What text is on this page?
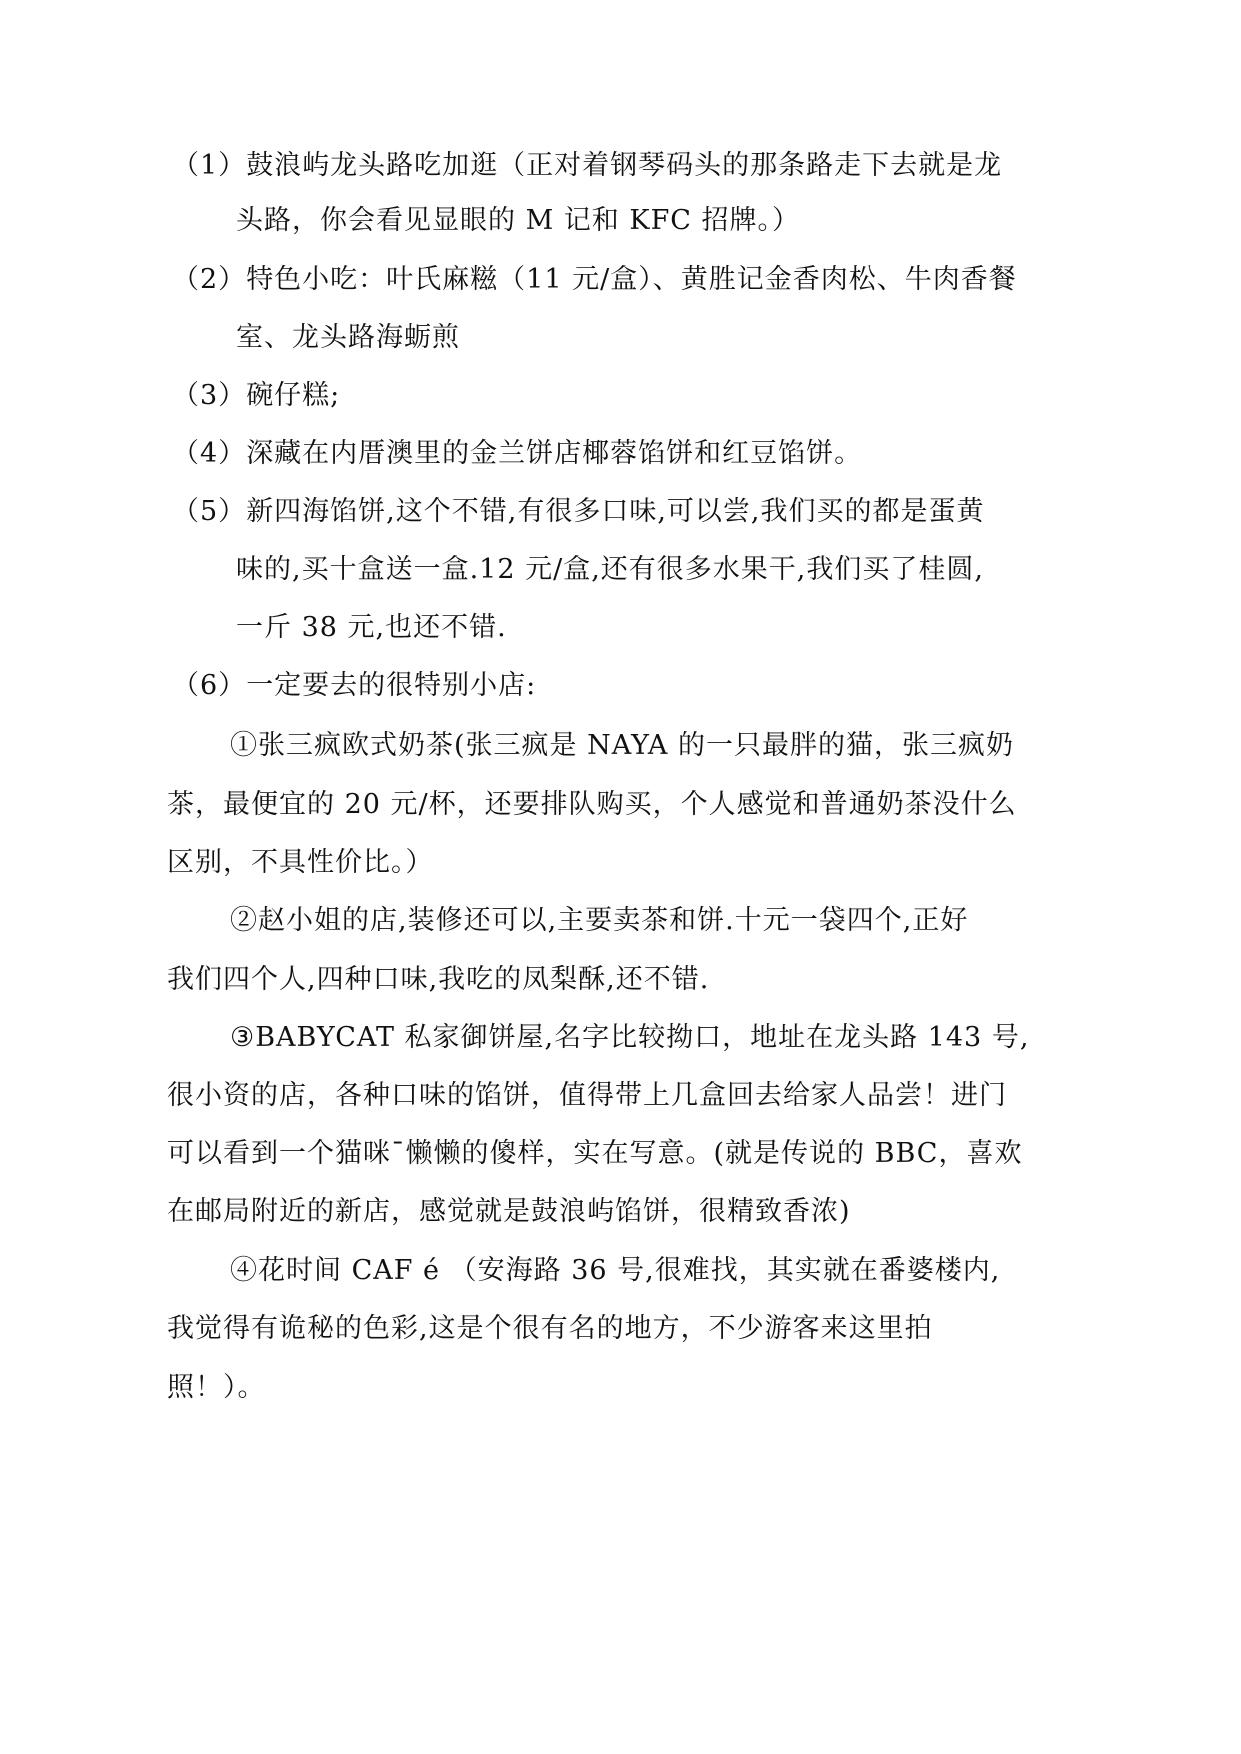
（1）鼓浪屿龙头路吃加逛（正对着钢琴码头的那条路走下去就是龙
头路，你会看见显眼的 M 记和 KFC 招牌。）
（2）特色小吃：叶氏麻糍（11 元/盒）、黄胜记金香肉松、牛肉香餐
室、龙头路海蛎煎
（3）碗仔糕;
（4）深藏在内厝澳里的金兰饼店椰蓉馅饼和红豆馅饼。
（5）新四海馅饼,这个不错,有很多口味,可以尝,我们买的都是蛋黄
味的,买十盒送一盒.12 元/盒,还有很多水果干,我们买了桂圆,
一斤 38 元,也还不错.
（6）一定要去的很特别小店:
①张三疯欧式奶茶(张三疯是 NAYA 的一只最胖的猫，张三疯奶
茶，最便宜的 20 元/杯，还要排队购买，个人感觉和普通奶茶没什么
区别，不具性价比。）
②赵小姐的店,装修还可以,主要卖茶和饼.十元一袋四个,正好
我们四个人,四种口味,我吃的凤梨酥,还不错.
③BABYCAT 私家御饼屋,名字比较拗口，地址在龙头路 143 号,
很小资的店，各种口味的馅饼，值得带上几盒回去给家人品尝！进门
可以看到一个猫咪¯懒懒的傻样，实在写意。(就是传说的 BBC，喜欢
在邮局附近的新店，感觉就是鼓浪屿馅饼，很精致香浓)
④花时间 CAF é （安海路 36 号,很难找，其实就在番婆楼内,
我觉得有诡秘的色彩,这是个很有名的地方，不少游客来这里拍
照！）。
